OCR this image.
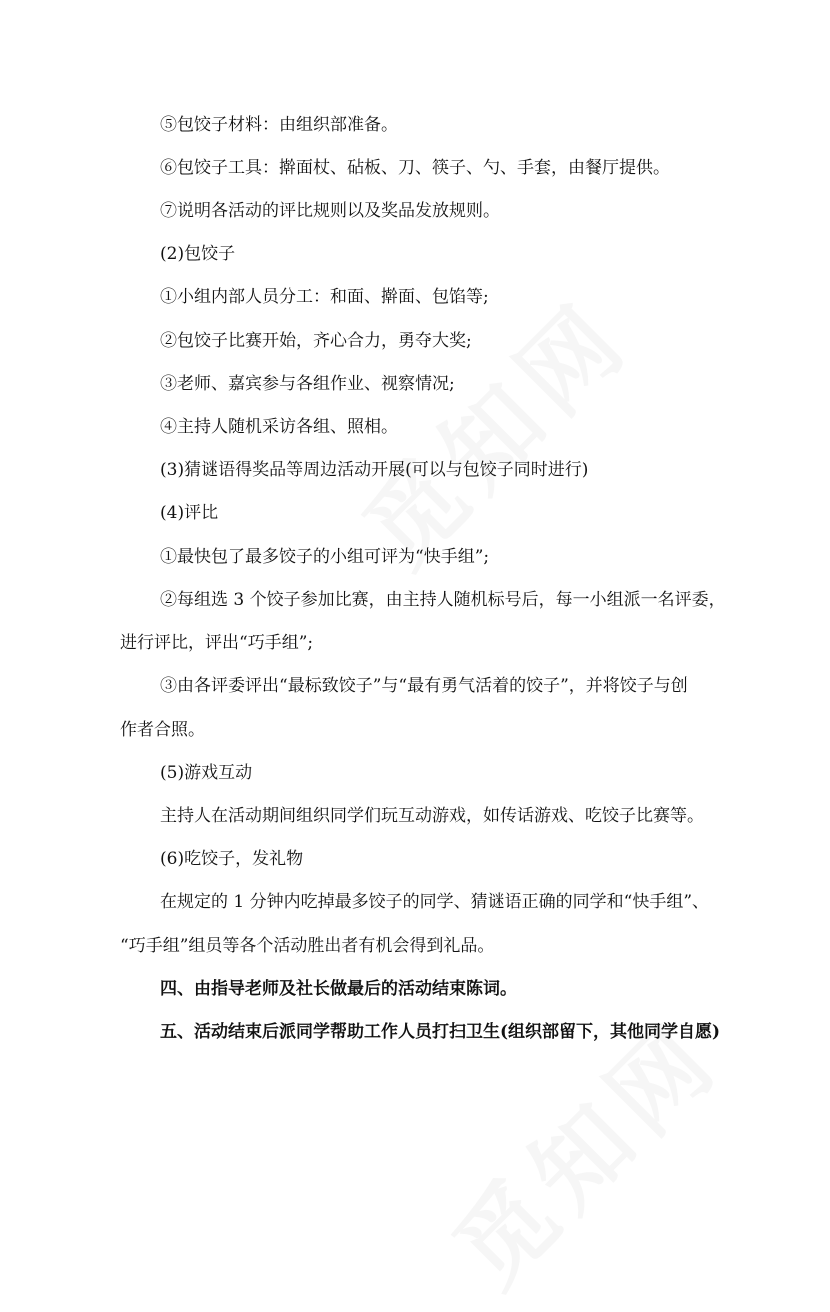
⑤包饺子材料：由组织部准备。
⑥包饺子工具：擀面杖、砧板、刀、筷子、勺、手套，由餐厅提供。
⑦说明各活动的评比规则以及奖品发放规则。
(2)包饺子
①小组内部人员分工：和面、擀面、包馅等;
②包饺子比赛开始，齐心合力，勇夺大奖;
③老师、嘉宾参与各组作业、视察情况;
④主持人随机采访各组、照相。
(3)猜谜语得奖品等周边活动开展(可以与包饺子同时进行)
(4)评比
①最快包了最多饺子的小组可评为“快手组”;
②每组选 3 个饺子参加比赛，由主持人随机标号后，每一小组派一名评委，
进行评比，评出“巧手组”;
③由各评委评出“最标致饺子”与“最有勇气活着的饺子”，并将饺子与创
作者合照。
(5)游戏互动
主持人在活动期间组织同学们玩互动游戏，如传话游戏、吃饺子比赛等。
(6)吃饺子，发礼物
在规定的 1 分钟内吃掉最多饺子的同学、猜谜语正确的同学和“快手组”、
“巧手组”组员等各个活动胜出者有机会得到礼品。
四、由指导老师及社长做最后的活动结束陈词。
五、活动结束后派同学帮助工作人员打扫卫生(组织部留下，其他同学自愿)
